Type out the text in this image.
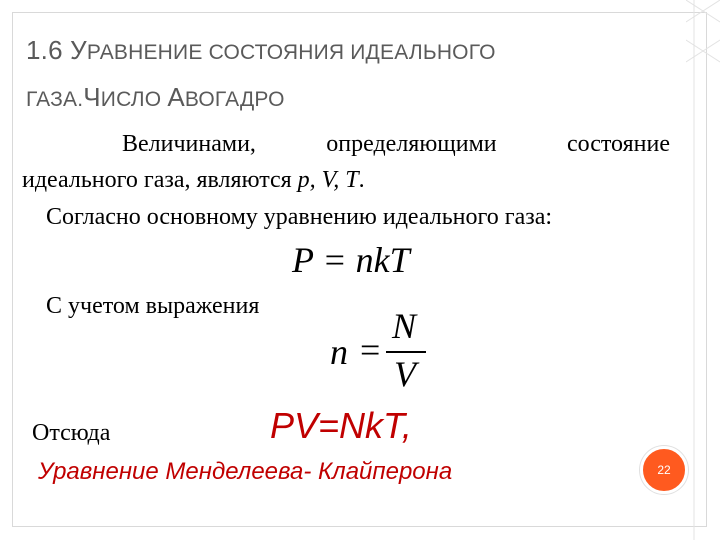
1.6 УРАВНЕНИЕ СОСТОЯНИЯ ИДЕАЛЬНОГО
ГАЗА.ЧИСЛО АВОГАДРО
Величинами,	определяющими	состояние
идеального газа, являются p, V, T.
Согласно основному уравнению идеального газа:
P = nkT
С учетом выражения
n =
N
V
Отсюда	PV=NkT,
Уравнение Менделеева- Клайперона	22
